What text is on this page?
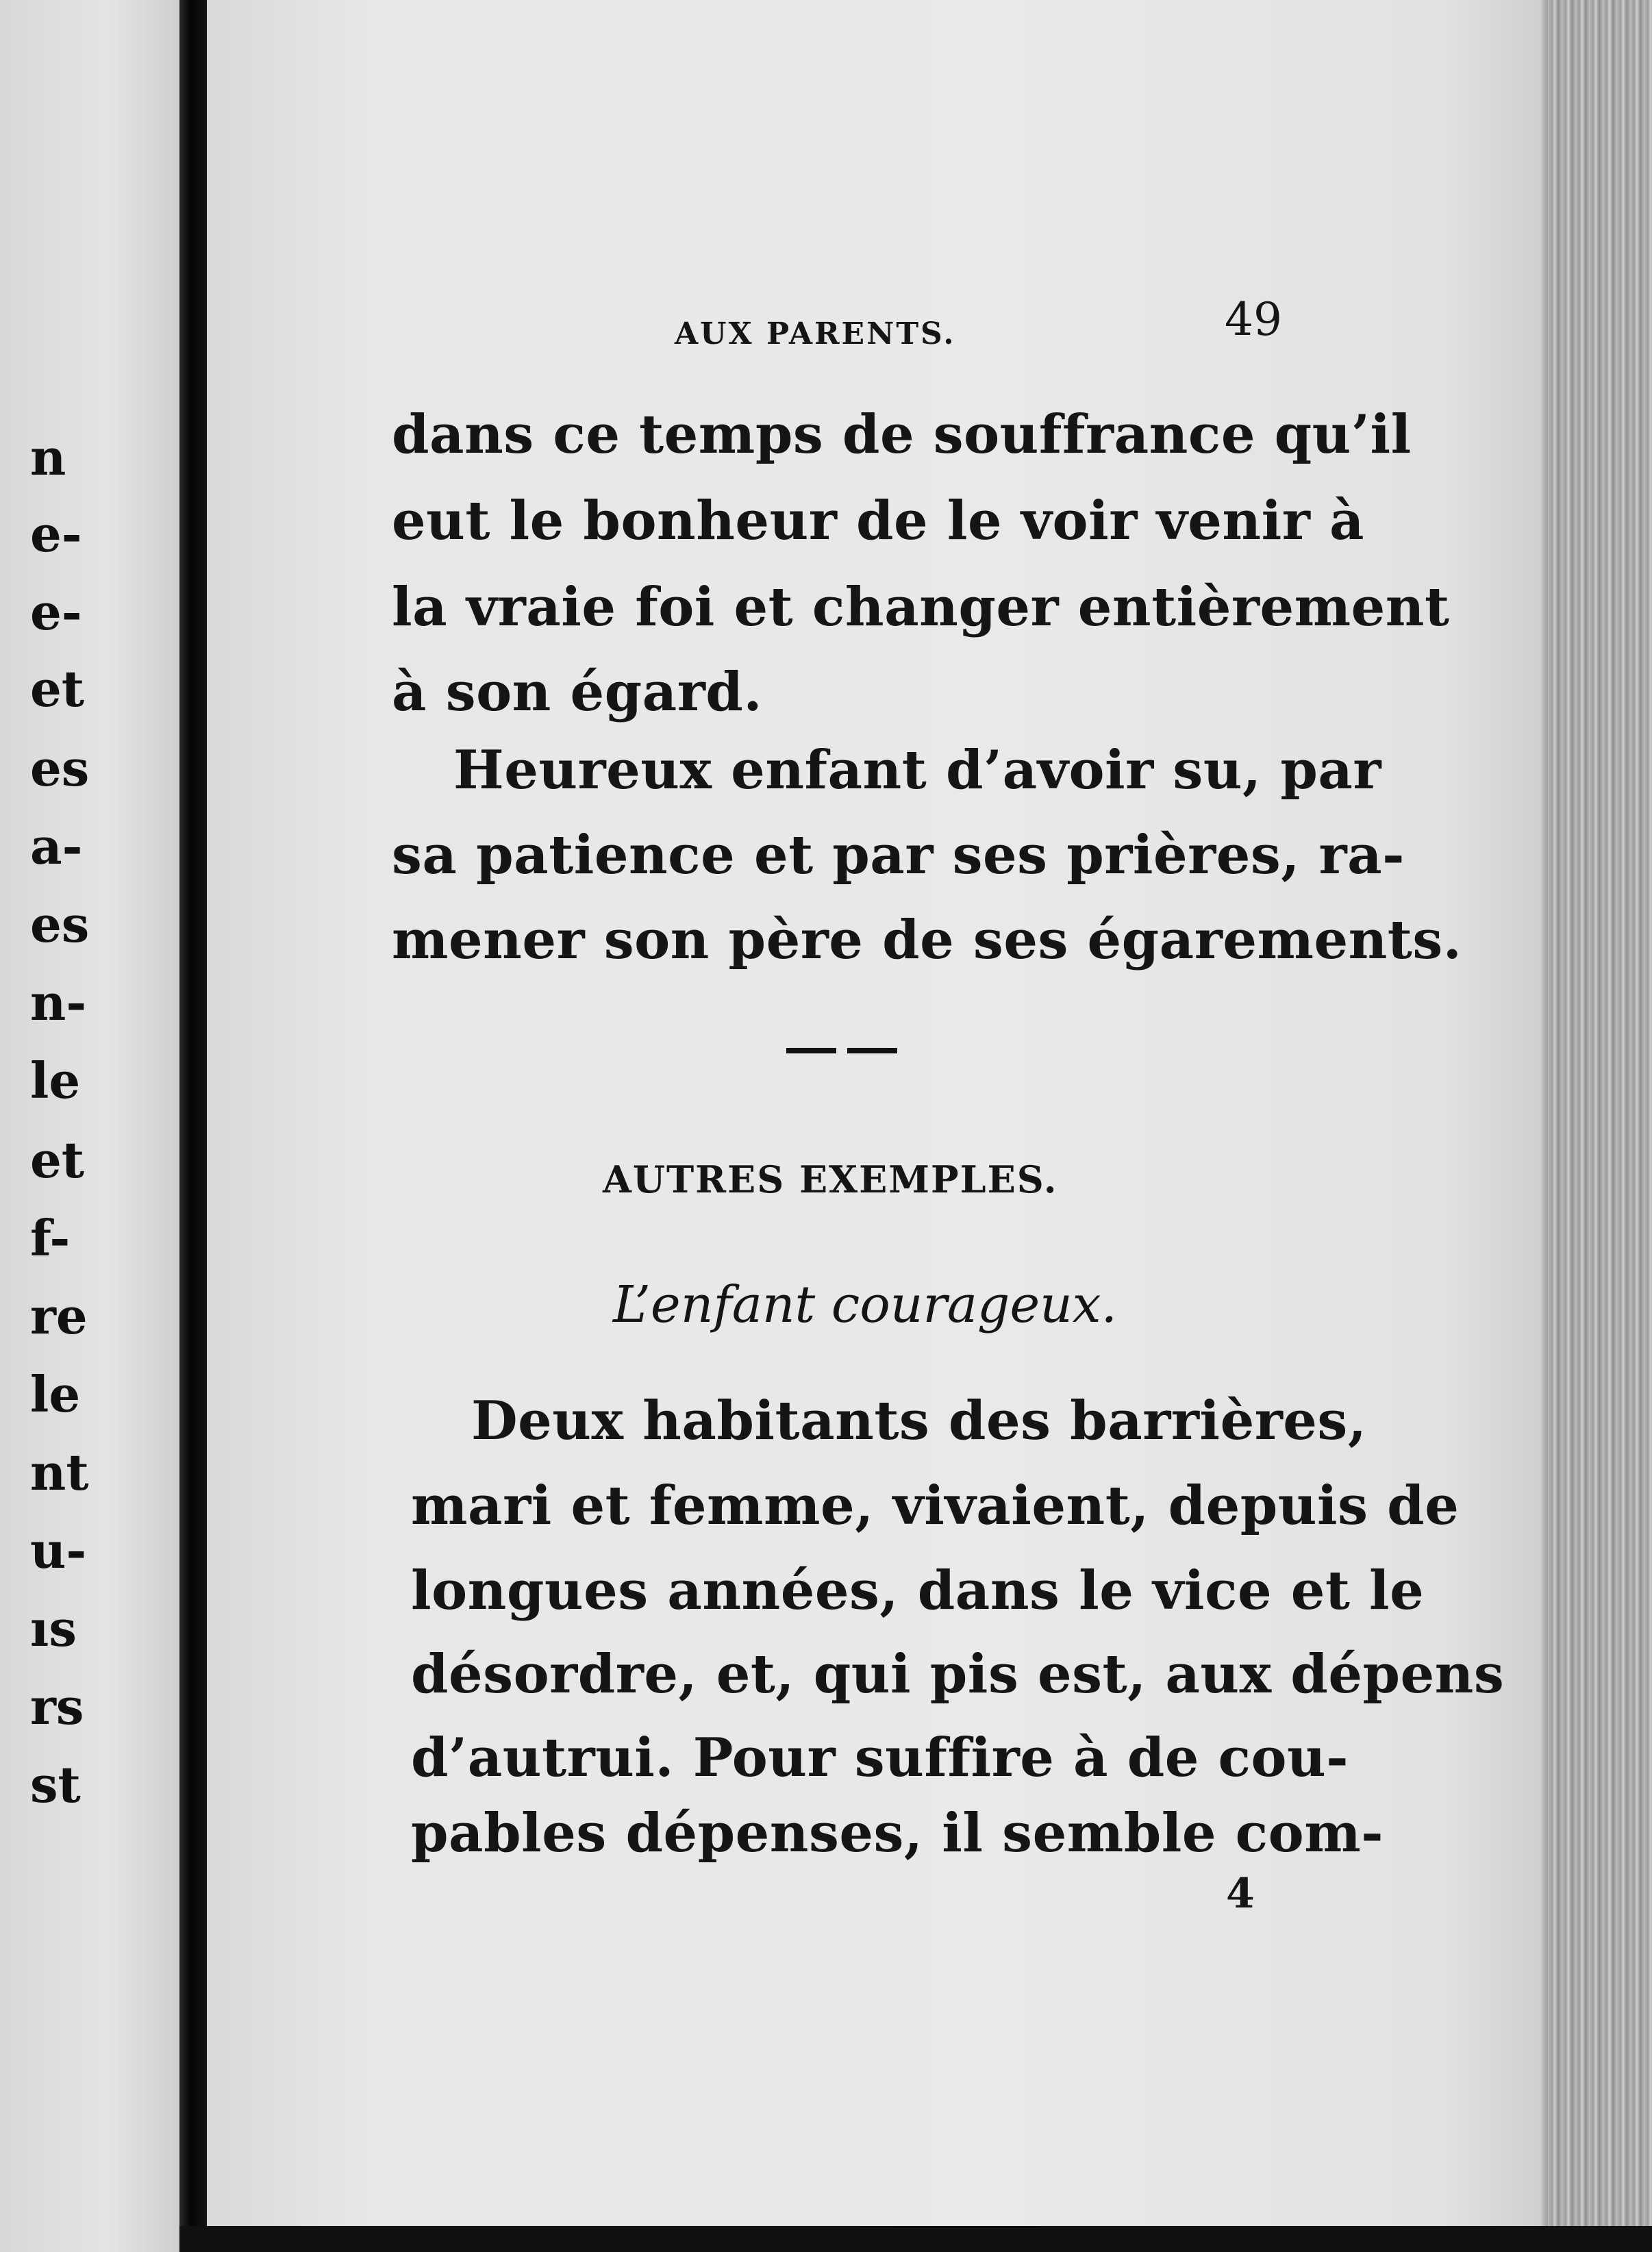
n
e-
e-
et
es
a-
es
n-
le
et
f-
re
le
nt
u-
ıs
rs
st
AUX PARENTS.	49
dans ce temps de souffrance qu’il
eut le bonheur de le voir venir à
la vraie foi et changer entièrement
à son égard.
Heureux enfant d’avoir su, par
sa patience et par ses prières, ra-
mener son père de ses égarements.
AUTRES EXEMPLES.
L’enfant courageux.
Deux habitants des barrières,
mari et femme, vivaient, depuis de
longues années, dans le vice et le
désordre, et, qui pis est, aux dépens
d’autrui. Pour suffire à de cou-
pables dépenses, il semble com-
4
